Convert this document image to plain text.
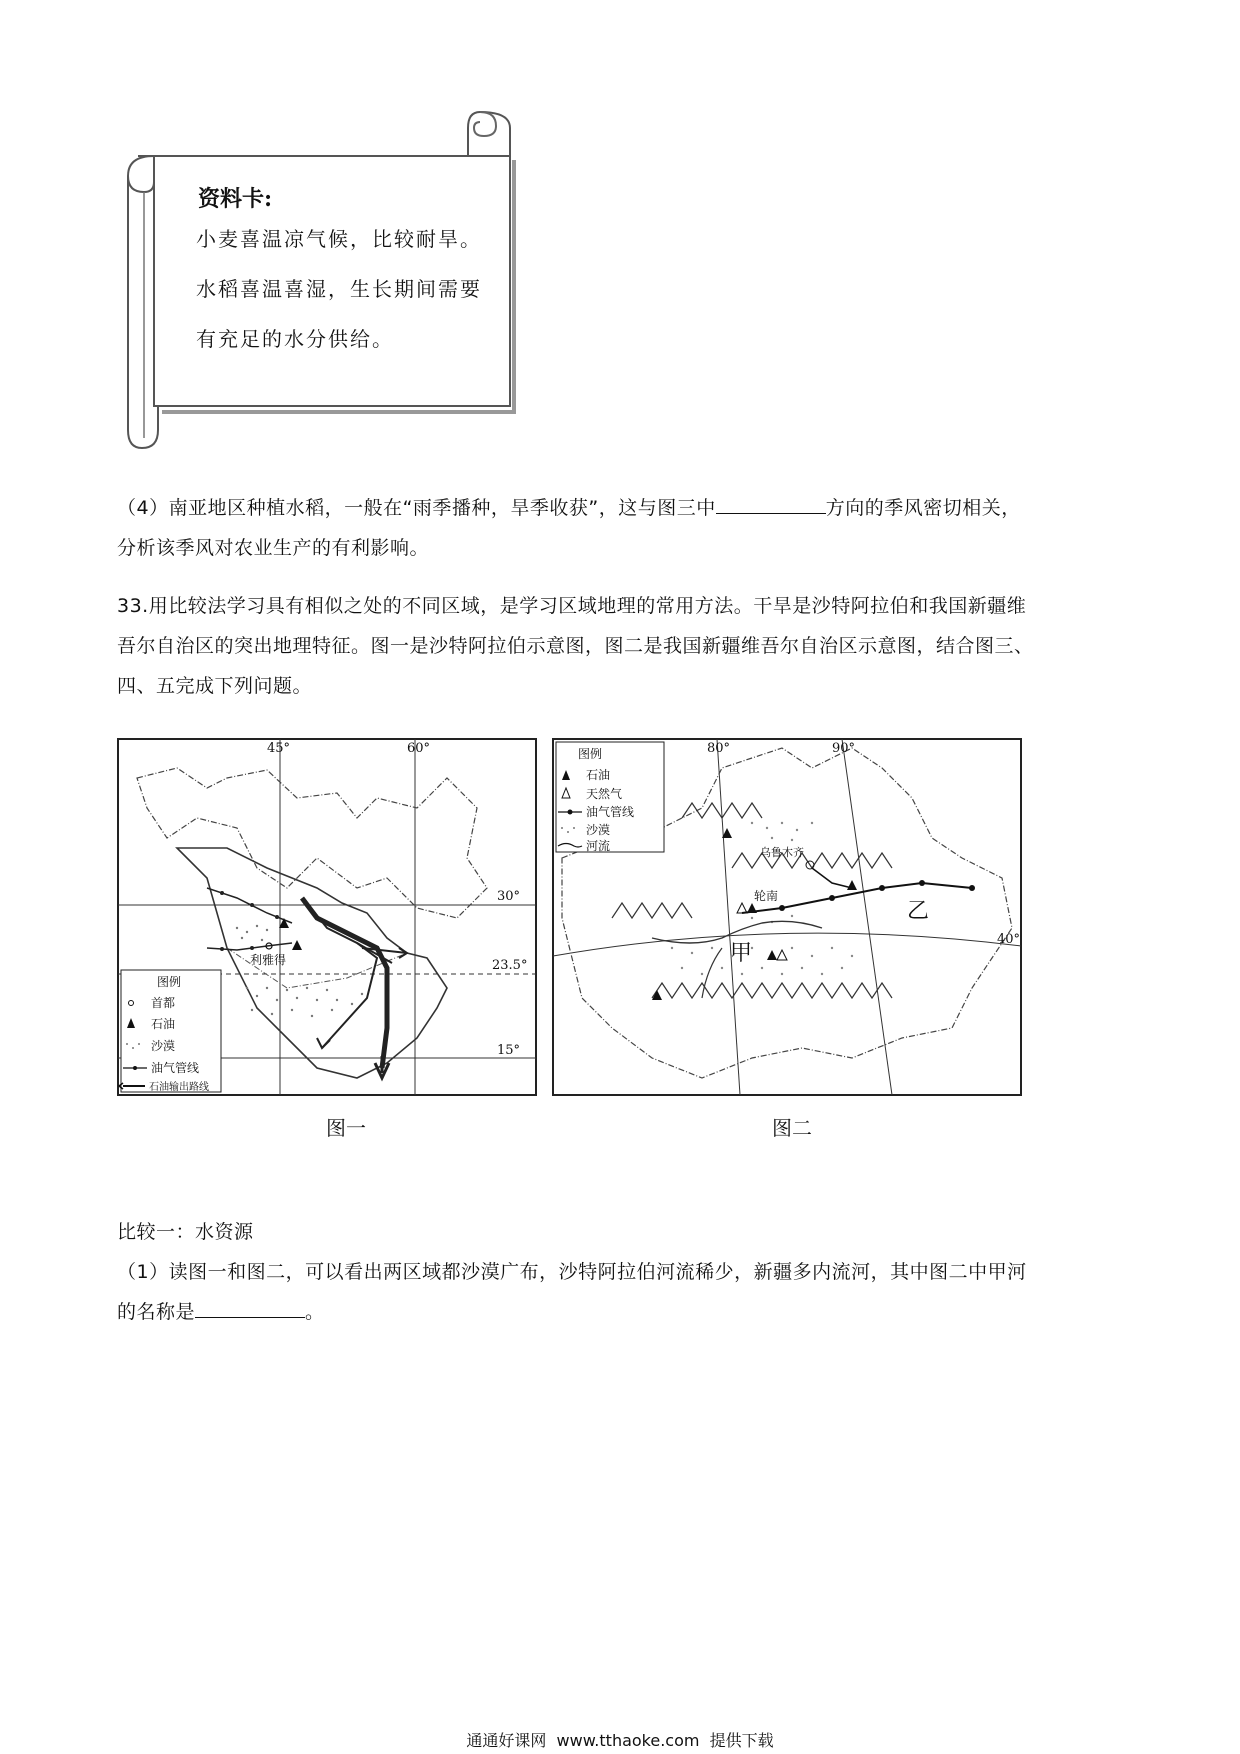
资料卡:
小麦喜温凉气候，比较耐旱。
水稻喜温喜湿，生长期间需要
有充足的水分供给。
（4）南亚地区种植水稻，一般在“雨季播种，旱季收获”，这与图三中	方向的季风密切相关，
分析该季风对农业生产的有利影响。
33.用比较法学习具有相似之处的不同区域，是学习区域地理的常用方法。干旱是沙特阿拉伯和我国新疆维
吾尔自治区的突出地理特征。图一是沙特阿拉伯示意图，图二是我国新疆维吾尔自治区示意图，结合图三、
四、五完成下列问题。
45°	60°
30°
23.5°
15°
利雅得
图例
首都
石油
沙漠
油气管线
石油输出路线
图一
80°	90°
40°
乌鲁木齐
轮南
甲
乙
图例
石油
天然气
油气管线
沙漠
河流
图二
比较一：水资源
（1）读图一和图二，可以看出两区域都沙漠广布，沙特阿拉伯河流稀少，新疆多内流河，其中图二中甲河
的名称是	。
通通好课网  www.tthaoke.com  提供下载
